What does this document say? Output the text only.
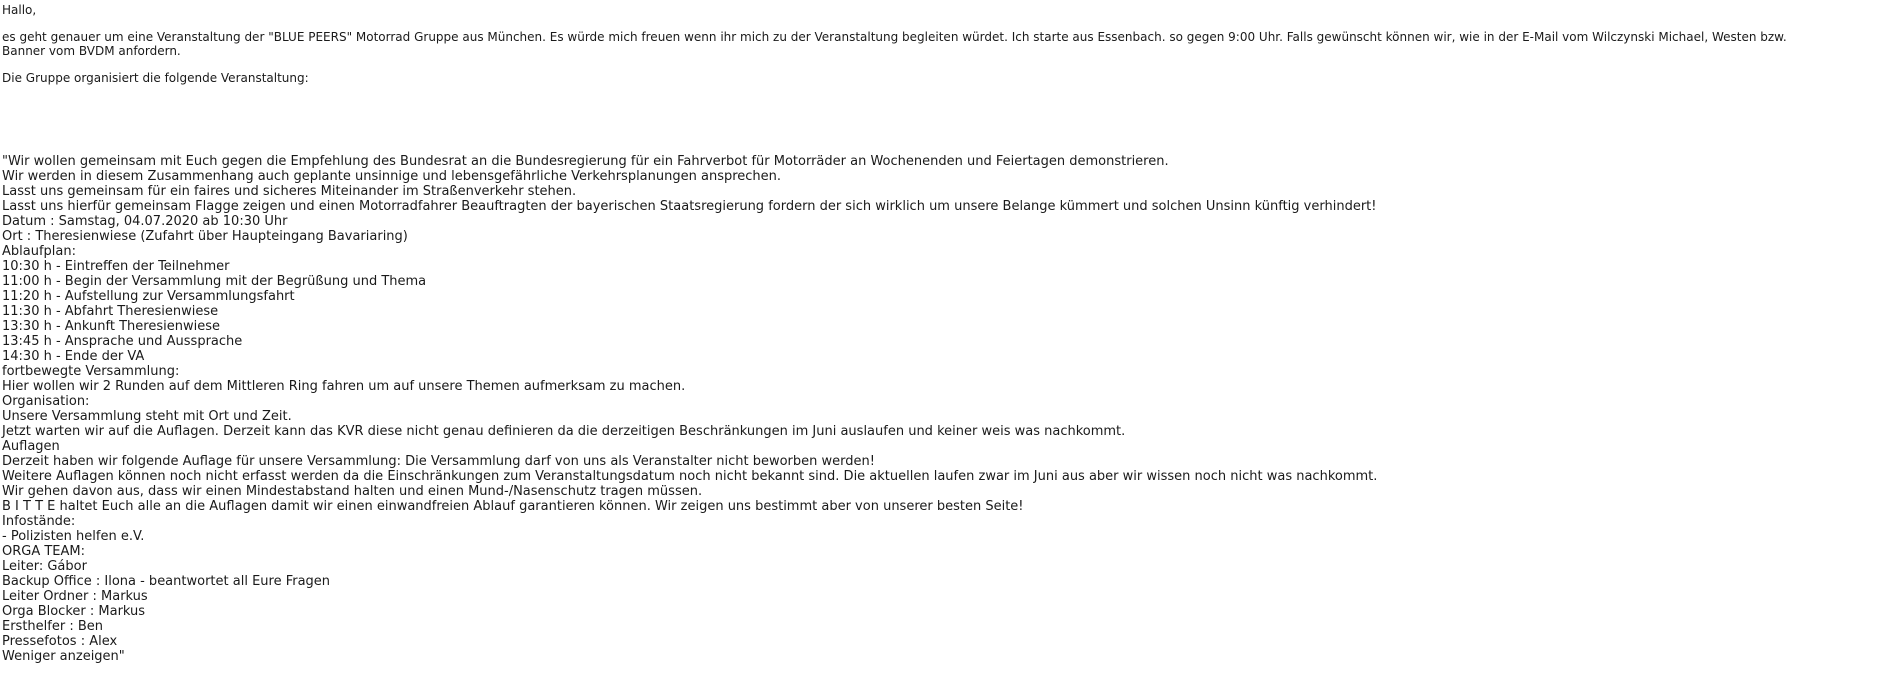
Hallo,

es geht genauer um eine Veranstaltung der "BLUE PEERS" Motorrad Gruppe aus München. Es würde mich freuen wenn ihr mich zu der Veranstaltung begleiten würdet. Ich starte aus Essenbach. so gegen 9:00 Uhr. Falls gewünscht können wir, wie in der E-Mail vom Wilczynski Michael, Westen bzw.

Banner vom BVDM anfordern.

Die Gruppe organisiert die folgende Veranstaltung:

"Wir wollen gemeinsam mit Euch gegen die Empfehlung des Bundesrat an die Bundesregierung für ein Fahrverbot für Motorräder an Wochenenden und Feiertagen demonstrieren.
Wir werden in diesem Zusammenhang auch geplante unsinnige und lebensgefährliche Verkehrsplanungen ansprechen.
Lasst uns gemeinsam für ein faires und sicheres Miteinander im Straßenverkehr stehen.
Lasst uns hierfür gemeinsam Flagge zeigen und einen Motorradfahrer Beauftragten der bayerischen Staatsregierung fordern der sich wirklich um unsere Belange kümmert und solchen Unsinn künftig verhindert!
Datum : Samstag, 04.07.2020 ab 10:30 Uhr
Ort : Theresienwiese (Zufahrt über Haupteingang Bavariaring)
Ablaufplan:
10:30 h - Eintreffen der Teilnehmer
11:00 h - Begin der Versammlung mit der Begrüßung und Thema
11:20 h - Aufstellung zur Versammlungsfahrt
11:30 h - Abfahrt Theresienwiese
13:30 h - Ankunft Theresienwiese
13:45 h - Ansprache und Aussprache
14:30 h - Ende der VA
fortbewegte Versammlung:
Hier wollen wir 2 Runden auf dem Mittleren Ring fahren um auf unsere Themen aufmerksam zu machen.
Organisation:
Unsere Versammlung steht mit Ort und Zeit.
Jetzt warten wir auf die Auflagen. Derzeit kann das KVR diese nicht genau definieren da die derzeitigen Beschränkungen im Juni auslaufen und keiner weis was nachkommt.
Auflagen
Derzeit haben wir folgende Auflage für unsere Versammlung: Die Versammlung darf von uns als Veranstalter nicht beworben werden!
Weitere Auflagen können noch nicht erfasst werden da die Einschränkungen zum Veranstaltungsdatum noch nicht bekannt sind. Die aktuellen laufen zwar im Juni aus aber wir wissen noch nicht was nachkommt.
Wir gehen davon aus, dass wir einen Mindestabstand halten und einen Mund-/Nasenschutz tragen müssen.
B I T T E haltet Euch alle an die Auflagen damit wir einen einwandfreien Ablauf garantieren können. Wir zeigen uns bestimmt aber von unserer besten Seite!
Infostände:
- Polizisten helfen e.V.
ORGA TEAM:
Leiter: Gábor
Backup Office : Ilona - beantwortet all Eure Fragen
Leiter Ordner : Markus
Orga Blocker : Markus
Ersthelfer : Ben
Pressefotos : Alex
Weniger anzeigen"
